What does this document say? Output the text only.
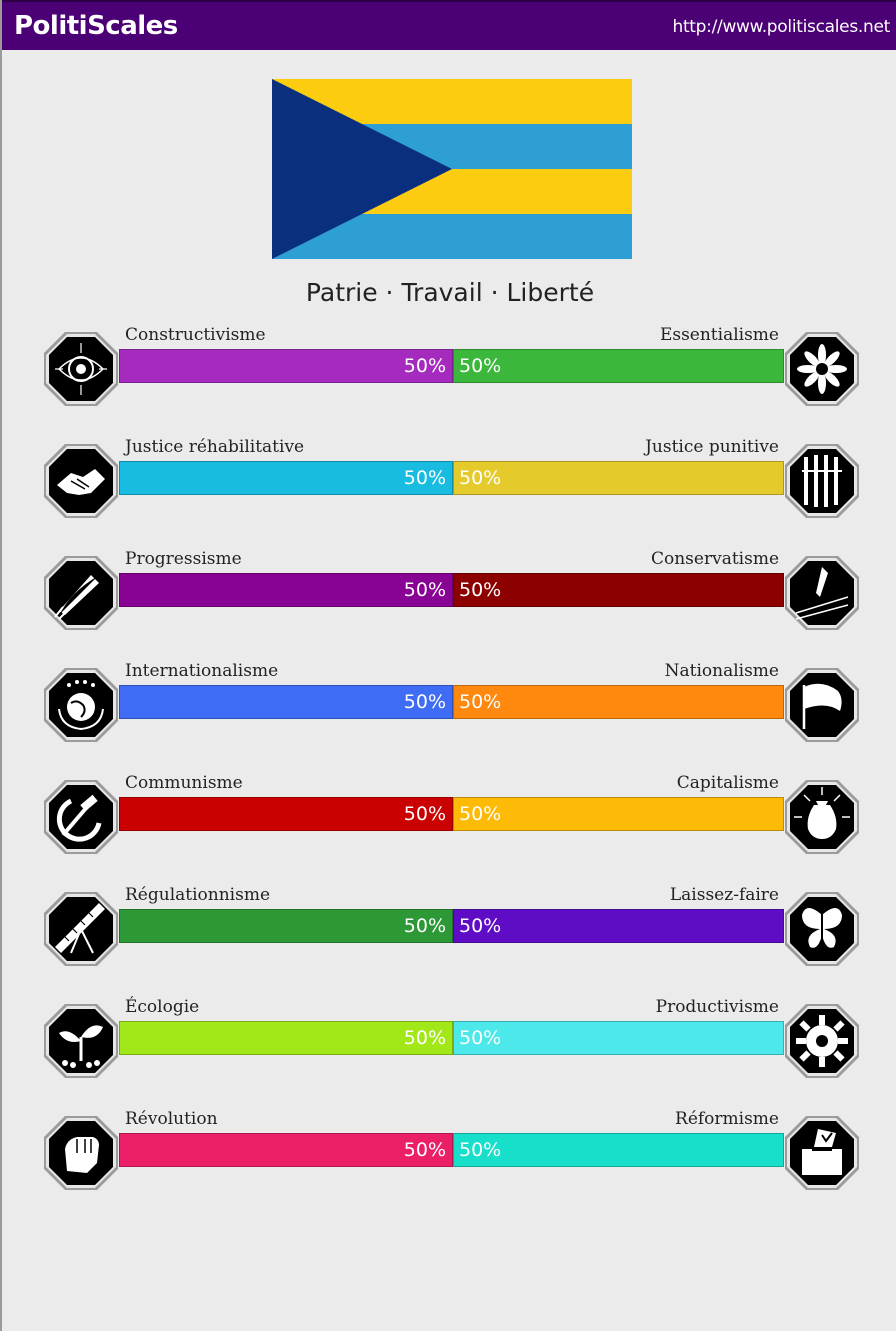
PolitiScales	http://www.politiscales.net
Patrie · Travail · Liberté
Constructivisme	Essentialisme
50% 50%
Justice réhabilitative	Justice punitive
50% 50%
Progressisme	Conservatisme
50% 50%
Internationalisme	Nationalisme
50% 50%
Communisme	Capitalisme
50% 50%
Régulationnisme	Laissez-faire
50% 50%
Écologie	Productivisme
50% 50%
Révolution	Réformisme
50% 50%
